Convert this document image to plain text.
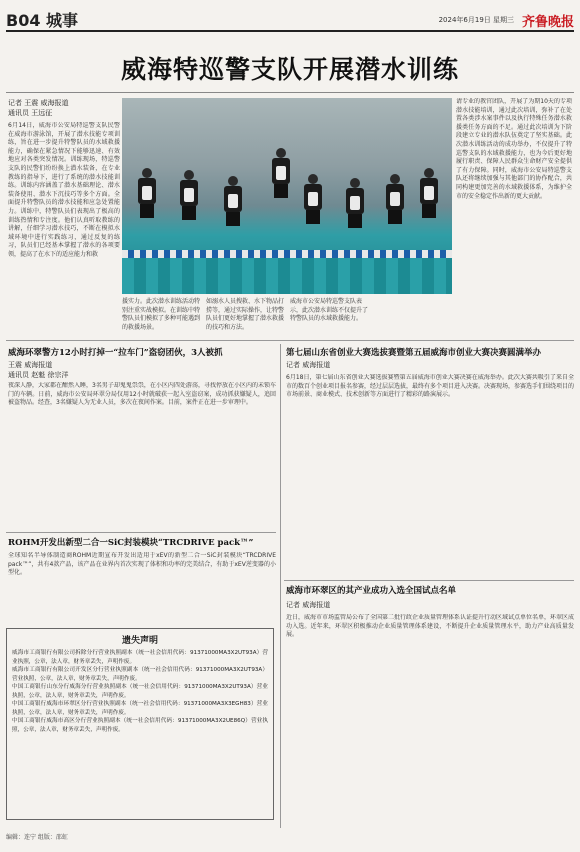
B04 城事	2024年6月19日 星期三 齐鲁晚报
威海特巡警支队开展潜水训练
记者 王震 威海报道
通讯员 王远征
6月14日，威海市公安局特巡警支队民警在威海市游泳馆，开展了潜水技能专项训练，旨在进一步提升特警队员的水域救援能力，确保在紧急情况下能够迅速、有效地应对各类突发情况。训练现场，特巡警支队的民警们纷纷换上潜水装备，在专业教练的指导下，进行了系统的潜水技能训练。训练内容涵盖了潜水基础理论、潜水装备使用、潜水下沉技巧等多个方面。全面提升特警队员的潜水技能和应急处置能力。训练中，特警队员们表现出了极高的训练热情和专注度。他们认真听取教练的讲解，仔细学习潜水技巧，不断在模拟水域环境中进行实践练习，通过反复的练习，队员们已经基本掌握了潜水的各项要领，提高了在水下的适应能力和救
援实力。此次潜水训练活动特别注重实战模拟。在训练中特警队员们模拟了多种可能遇到的救援场景。
如溺水人员搜救、水下物品打捞等，通过实际操作，让特警队员们更好地掌握了潜水救援的技巧和方法。
威海市公安局特巡警支队表示，此次潜水训练不仅提升了特警队员的水域救援能力。
请专业的教官团队，开展了为期10天的专项潜水技能培训，通过此次培训，弥补了在处置各类涉水案事件以及执行特殊任务潜水救援类任务方面的不足。通过此次培训为下阶段建立专业的潜水队伍奠定了坚实基础。此次潜水训练活动的成功举办，不仅提升了特巡警支队的水域救援能力，也为今后更好地履行职责、保障人民群众生命财产安全提供了有力保障。同时，威海市公安局特巡警支队还将继续加强与其他部门的协作配合，共同构建更加完善的水域救援体系，为维护全市的安全稳定作出新的更大贡献。
威海环翠警方12小时打掉一“拉车门”盗窃团伙，3人被抓
王震 威海报道
通讯员 赵魁 徐宗洋
夜深人静，大家都在酣然入睡，3名男子却鬼鬼祟祟，在小区内四处游荡，寻找停放在小区内的未锁车门的车辆。日前，威海市公安局环翠分局仅用12小时就破获一起入室盗窃案，成功抓获嫌疑人，追回被盗物品。经查，3名嫌疑人为无业人员，多次在夜间作案。目前，案件正在进一步审理中。
ROHM开发出新型二合一SiC封装模块“TRCDRIVE pack™”
全球知名半导体制造商ROHM近期宣布开发出适用于xEV的新型二合一SiC封装模块“TRCDRIVE pack™”，共有4款产品，该产品在业界内首次实现了体积和功率的完美结合，有助于xEV逆变器的小型化。
第七届山东省创业大赛选拔赛暨第五届威海市创业大赛决赛圆满举办
记者 威海报道
6月18日，第七届山东省创业大赛选拔赛暨第五届威海市创业大赛决赛在威海举办。此次大赛共吸引了来自全市的数百个创业项目报名参赛，经过层层选拔，最终有多个项目进入决赛。决赛现场，参赛选手们围绕项目的市场前景、商业模式、技术创新等方面进行了精彩的路演展示。
威海市环翠区的其产业成功入选全国试点名单
记者 威海报道
近日，威海市市场监管局公布了全国第二批行政企业质量管理体系认证提升行动区域试点单位名单，环翠区成功入选。近年来，环翠区积极推动企业质量管理体系建设，不断提升企业质量管理水平，助力产业高质量发展。
遗失声明
威海市工商银行有限公司拆除分行营业执照副本（统一社会信用代码：91371000MA3X2UT93A）营业执照，公章，法人章，财务章丢失，声明作废。
威海市工商银行有限公司开发区分行营业执照副本（统一社会信用代码：91371000MA3X2UT93A）营业执照，公章，法人章，财务章丢失，声明作废。
中国工商银行山东分行威海分行营业执照副本（统一社会信用代码：91371000MA3X2UT93A）营业执照，公章，法人章，财务章丢失，声明作废。
中国工商银行威海市环翠区分行营业执照副本（统一社会信用代码：91371000MA3X3EGH83）营业执照，公章，法人章，财务章丢失，声明作废。
中国工商银行威海市高区分行营业执照副本（统一社会信用代码：91371000MA3X2UE86Q）营业执照，公章，法人章，财务章丢失，声明作废。
编辑：连宁 组版：邵虹
